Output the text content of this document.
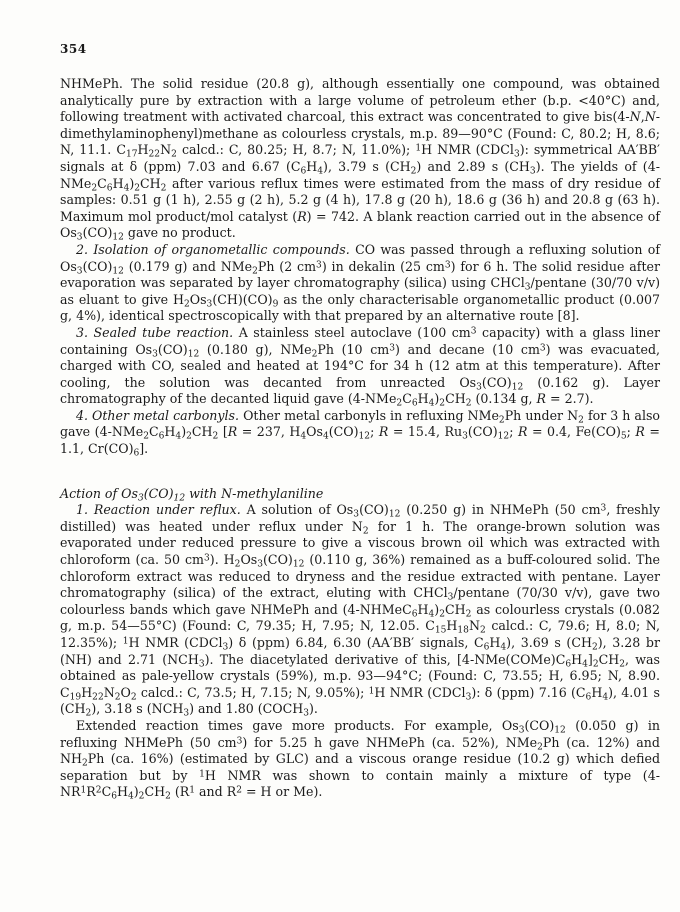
354

NHMePh. The solid residue (20.8 g), although essentially one compound, was obtained analytically pure by extraction with a large volume of petroleum ether (b.p. <40°C) and, following treatment with activated charcoal, this extract was concentrated to give bis(4-N,N-dimethylaminophenyl)methane as colourless crystals, m.p. 89—90°C (Found: C, 80.2; H, 8.6; N, 11.1. $C_{17}H_{22}N_2$ calcd.: C, 80.25; H, 8.7; N, 11.0%); $^1$H NMR (CDCl$_3$): symmetrical AA′BB′ signals at δ (ppm) 7.03 and 6.67 $(C_6H_4)$, 3.79 s $(CH_2)$ and 2.89 s $(CH_3)$. The yields of $(4-NMe_2C_6H_4)_2CH_2$ after various reflux times were estimated from the mass of dry residue of samples: 0.51 g (1 h), 2.55 g (2 h), 5.2 g (4 h), 17.8 g (20 h), 18.6 g (36 h) and 20.8 g (63 h). Maximum mol product/mol catalyst (R) = 742. A blank reaction carried out in the absence of $Os_3(CO)_{12}$ gave no product.

2. Isolation of organometallic compounds. CO was passed through a refluxing solution of $Os_3(CO)_{12}$ (0.179 g) and NMe$_2$Ph (2 $cm^3$) in dekalin (25 $cm^3$) for 6 h. The solid residue after evaporation was separated by layer chromatography (silica) using CHCl$_3$/pentane (30/70 v/v) as eluant to give $H_2Os_3(CH)(CO)_9$ as the only characterisable organometallic product (0.007 g, 4%), identical spectroscopically with that prepared by an alternative route [8].

3. Sealed tube reaction. A stainless steel autoclave (100 $cm^3$ capacity) with a glass liner containing $Os_3(CO)_{12}$ (0.180 g), NMe$_2$Ph (10 $cm^3$) and decane (10 $cm^3$) was evacuated, charged with CO, sealed and heated at 194°C for 34 h (12 atm at this temperature). After cooling, the solution was decanted from unreacted $Os_3(CO)_{12}$ (0.162 g). Layer chromatography of the decanted liquid gave $(4-NMe_2C_6H_4)_2CH_2$ (0.134 g, R = 2.7).

4. Other metal carbonyls. Other metal carbonyls in refluxing NMe$_2$Ph under $N_2$ for 3 h also gave $(4-NMe_2C_6H_4)_2CH_2$ [R = 237, $H_4Os_4(CO)_{12}$; R = 15.4, $Ru_3(CO)_{12}$; R = 0.4, $Fe(CO)_5$; R = 1.1, $Cr(CO)_6$].

Action of $Os_3(CO)_{12}$ with N-methylaniline

1. Reaction under reflux. A solution of $Os_3(CO)_{12}$ (0.250 g) in NHMePh (50 $cm^3$, freshly distilled) was heated under reflux under $N_2$ for 1 h. The orange-brown solution was evaporated under reduced pressure to give a viscous brown oil which was extracted with chloroform (ca. 50 $cm^3$). $H_2Os_3(CO)_{12}$ (0.110 g, 36%) remained as a buff-coloured solid. The chloroform extract was reduced to dryness and the residue extracted with pentane. Layer chromatography (silica) of the extract, eluting with CHCl$_3$/pentane (70/30 v/v), gave two colourless bands which gave NHMePh and $(4-NHMeC_6H_4)_2CH_2$ as colourless crystals (0.082 g, m.p. 54—55°C) (Found: C, 79.35; H, 7.95; N, 12.05. $C_{15}H_{18}N_2$ calcd.: C, 79.6; H, 8.0; N, 12.35%); $^1$H NMR (CDCl$_3$) δ (ppm) 6.84, 6.30 (AA′BB′ signals, $C_6H_4$), 3.69 s $(CH_2)$, 3.28 br (NH) and 2.71 $(NCH_3)$. The diacetylated derivative of this, $[4-NMe(COMe)C_6H_4]_2CH_2$, was obtained as pale-yellow crystals (59%), m.p. 93—94°C; (Found: C, 73.55; H, 6.95; N, 8.90. $C_{19}H_{22}N_2O_2$ calcd.: C, 73.5; H, 7.15; N, 9.05%); $^1$H NMR (CDCl$_3$): δ (ppm) 7.16 $(C_6H_4)$, 4.01 s $(CH_2)$, 3.18 s $(NCH_3)$ and 1.80 $(COCH_3)$.

Extended reaction times gave more products. For example, $Os_3(CO)_{12}$ (0.050 g) in refluxing NHMePh (50 $cm^3$) for 5.25 h gave NHMePh (ca. 52%), NMe$_2$Ph (ca. 12%) and $NH_2Ph$ (ca. 16%) (estimated by GLC) and a viscous orange residue (10.2 g) which defied separation but by $^1$H NMR was shown to contain mainly a mixture of type $(4-NR^1R^2C_6H_4)_2CH_2$ ($R^1$ and $R^2 = H$ or Me).
